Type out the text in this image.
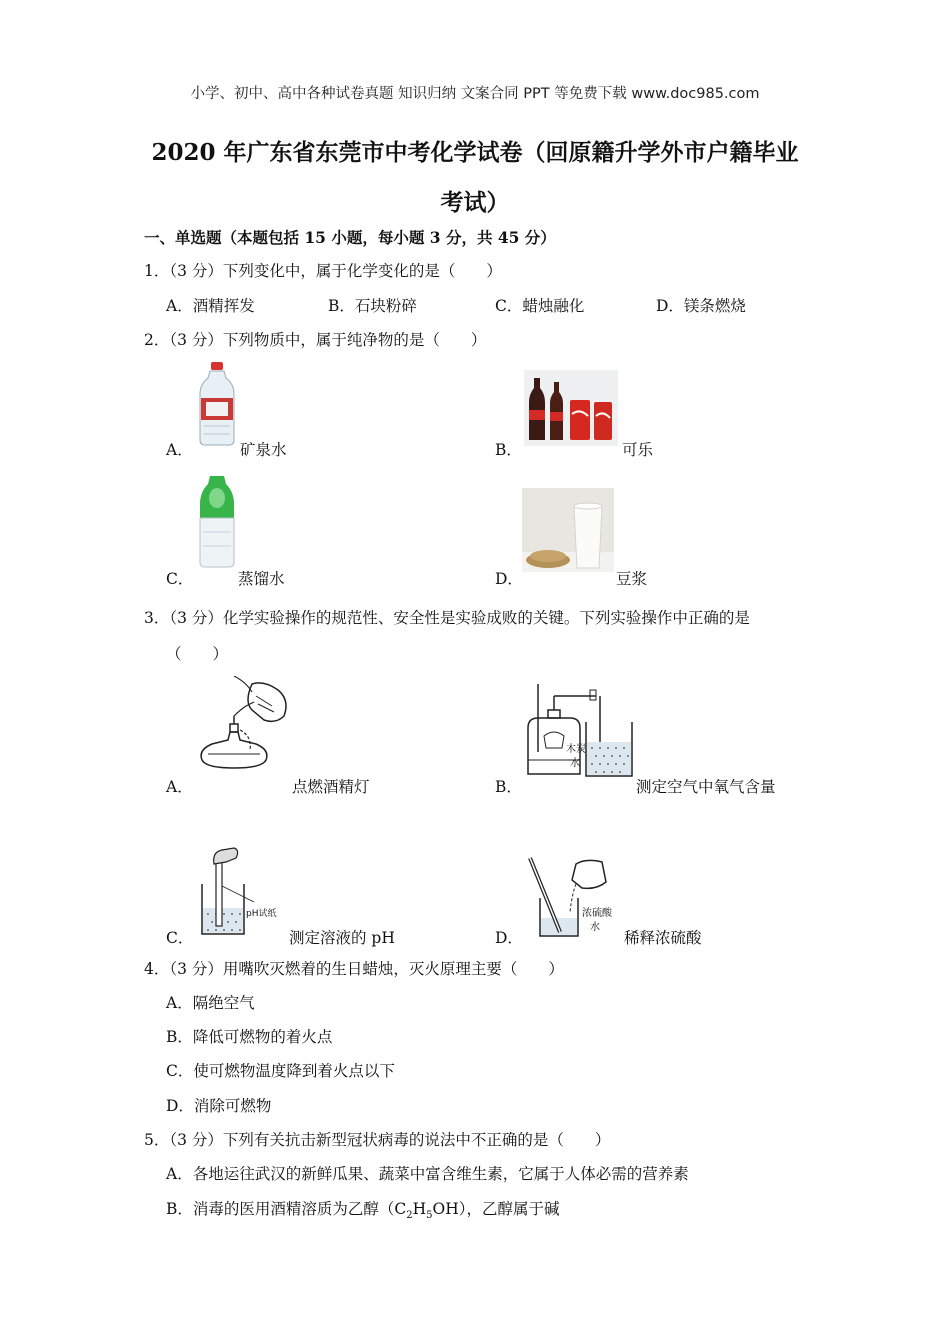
小学、初中、高中各种试卷真题 知识归纳 文案合同 PPT 等免费下载 www.doc985.com
2020 年广东省东莞市中考化学试卷（回原籍升学外市户籍毕业
考试）
一、单选题（本题包括 15 小题，每小题 3 分，共 45 分）
1．（3 分）下列变化中，属于化学变化的是（　　）
A．酒精挥发	B．石块粉碎	C．蜡烛融化	D．镁条燃烧
2．（3 分）下列物质中，属于纯净物的是（　　）
A．	矿泉水	B．	可乐
C．	蒸馏水	D．	豆浆
3．（3 分）化学实验操作的规范性、安全性是实验成败的关键。下列实验操作中正确的是
（　　）
A．	点燃酒精灯
木炭
水
B．	测定空气中氧气含量
pH试纸
C．	测定溶液的 pH
浓硫酸
水
D．	稀释浓硫酸
4．（3 分）用嘴吹灭燃着的生日蜡烛，灭火原理主要（　　）
A．隔绝空气
B．降低可燃物的着火点
C．使可燃物温度降到着火点以下
D．消除可燃物
5．（3 分）下列有关抗击新型冠状病毒的说法中不正确的是（　　）
A．各地运往武汉的新鲜瓜果、蔬菜中富含维生素，它属于人体必需的营养素
B．消毒的医用酒精溶质为乙醇$(C_2H_5OH)$，乙醇属于碱
